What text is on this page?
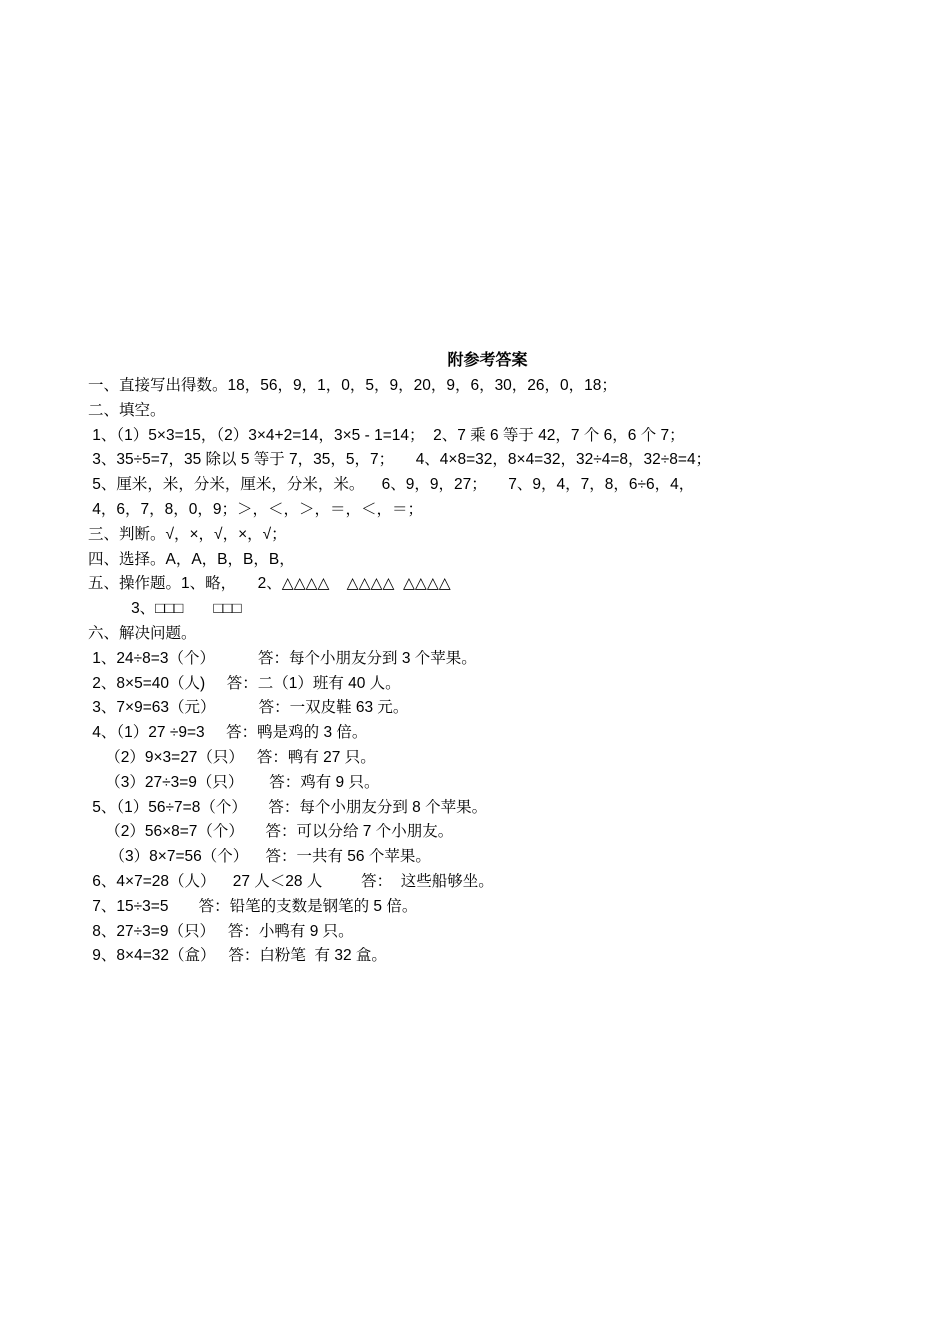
附参考答案
一、直接写出得数。18，56，9，1，0，5，9，20，9，6，30，26，0，18；
二、填空。
1、（1）5×3=15，（2）3×4+2=14，3×5 - 1=14；  2、7 乘 6 等于 42，7 个 6，6 个 7；
3、35÷5=7，35 除以 5 等于 7，35，5，7；     4、4×8=32，8×4=32，32÷4=8，32÷8=4；
5、厘米，米，分米，厘米，分米，米。    6、9，9，27；     7、9，4，7，8，6÷6，4，
4，6，7，8，0，9；＞，＜，＞，＝，＜，＝；
三、判断。√，×，√，×，√；
四、选择。A，A，B，B，B，
五、操作题。1、略，     2、△△△△    △△△△  △△△△
3、□□□       □□□
六、解决问题。
1、24÷8=3（个）          答：每个小朋友分到 3 个苹果。
2、8×5=40（人)     答：二（1）班有 40 人。
3、7×9=63（元）          答：一双皮鞋 63 元。
4、（1）27 ÷9=3     答：鸭是鸡的 3 倍。
（2）9×3=27（只）   答：鸭有 27 只。
（3）27÷3=9（只）      答：鸡有 9 只。
5、（1）56÷7=8（个）     答：每个小朋友分到 8 个苹果。
（2）56×8=7（个）     答：可以分给 7 个小朋友。
（3）8×7=56（个）    答：一共有 56 个苹果。
6、4×7=28（人）    27 人＜28 人         答：  这些船够坐。
7、15÷3=5       答：铅笔的支数是钢笔的 5 倍。
8、27÷3=9（只）   答：小鸭有 9 只。
9、8×4=32（盒）   答：白粉笔  有 32 盒。
